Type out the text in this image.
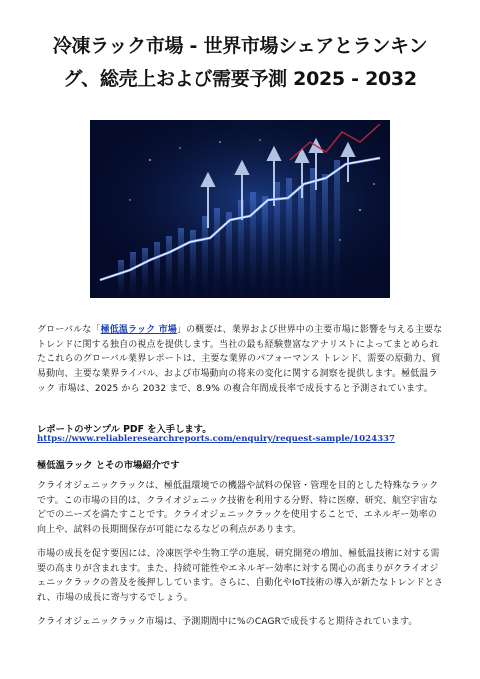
冷凍ラック市場 - 世界市場シェアとランキン
グ、総売上および需要予測 2025 - 2032

グローバルな「極低温ラック 市場」の概要は、業界および世界中の主要市場に影響を与える主要なトレンドに関する独自の視点を提供します。当社の最も経験豊富なアナリストによってまとめられたこれらのグローバル業界レポートは、主要な業界のパフォーマンス トレンド、需要の原動力、貿易動向、主要な業界ライバル、および市場動向の将来の変化に関する洞察を提供します。極低温ラック 市場は、2025 から 2032 まで、8.9% の複合年間成長率で成長すると予測されています。

レポートのサンプル PDF を入手します。

https://www.reliableresearchreports.com/enquiry/request-sample/1024337

極低温ラック とその市場紹介です

クライオジェニックラックは、極低温環境での機器や試料の保管・管理を目的とした特殊なラックです。この市場の目的は、クライオジェニック技術を利用する分野、特に医療、研究、航空宇宙などでのニーズを満たすことです。クライオジェニックラックを使用することで、エネルギー効率の向上や、試料の長期間保存が可能になるなどの利点があります。

市場の成長を促す要因には、冷凍医学や生物工学の進展、研究開発の増加、極低温技術に対する需要の高まりが含まれます。また、持続可能性やエネルギー効率に対する関心の高まりがクライオジェニックラックの普及を後押ししています。さらに、自動化やIoT技術の導入が新たなトレンドとされ、市場の成長に寄与するでしょう。

クライオジェニックラック市場は、予測期間中に%のCAGRで成長すると期待されています。
